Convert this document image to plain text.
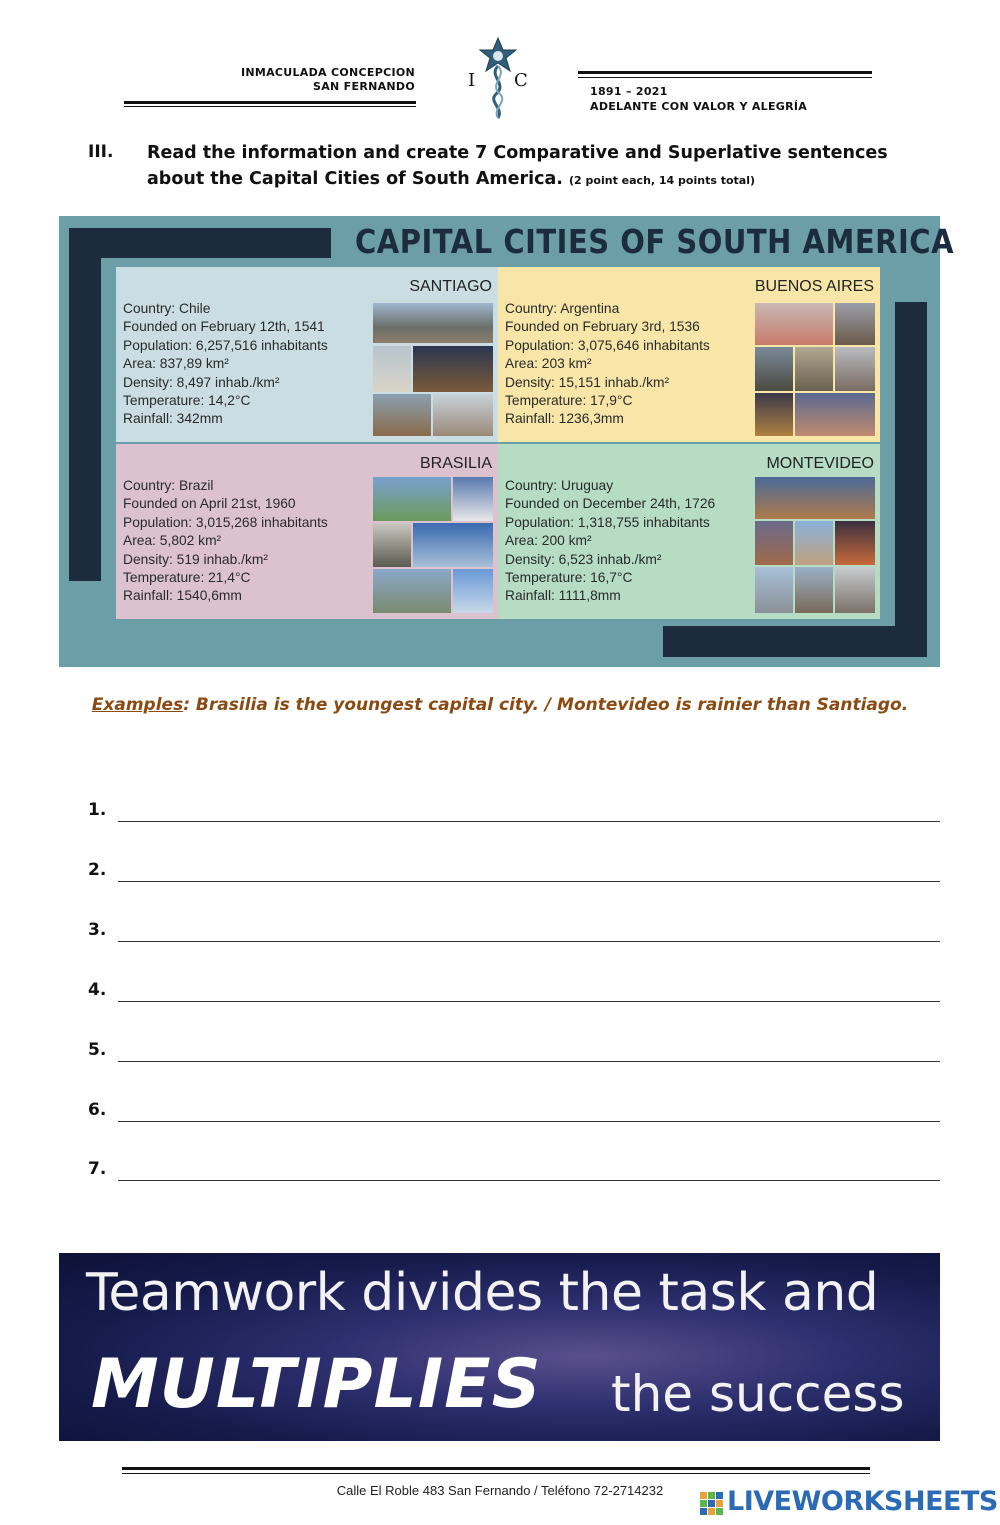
INMACULADA CONCEPCION
SAN FERNANDO	I C
1891 – 2021
ADELANTE CON VALOR Y ALEGRÍA
III. Read the information and create 7 Comparative and Superlative sentences about the Capital Cities of South America. (2 point each, 14 points total)
CAPITAL CITIES OF SOUTH AMERICA
SANTIAGO
Country: Chile
Founded on February 12th, 1541
Population: 6,257,516 inhabitants
Area: 837,89 km²
Density: 8,497 inhab./km²
Temperature: 14,2°C
Rainfall: 342mm
BUENOS AIRES
Country: Argentina
Founded on February 3rd, 1536
Population: 3,075,646 inhabitants
Area: 203 km²
Density: 15,151 inhab./km²
Temperature: 17,9°C
Rainfall: 1236,3mm
BRASILIA
Country: Brazil
Founded on April 21st, 1960
Population: 3,015,268 inhabitants
Area: 5,802 km²
Density: 519 inhab./km²
Temperature: 21,4°C
Rainfall: 1540,6mm
MONTEVIDEO
Country: Uruguay
Founded on December 24th, 1726
Population: 1,318,755 inhabitants
Area: 200 km²
Density: 6,523 inhab./km²
Temperature: 16,7°C
Rainfall: 1111,8mm
Examples: Brasilia is the youngest capital city. / Montevideo is rainier than Santiago.
1.
2.
3.
4.
5.
6.
7.
Teamwork divides the task and
MULTIPLIES the success
Calle El Roble 483 San Fernando / Teléfono 72-2714232	LIVEWORKSHEETS
